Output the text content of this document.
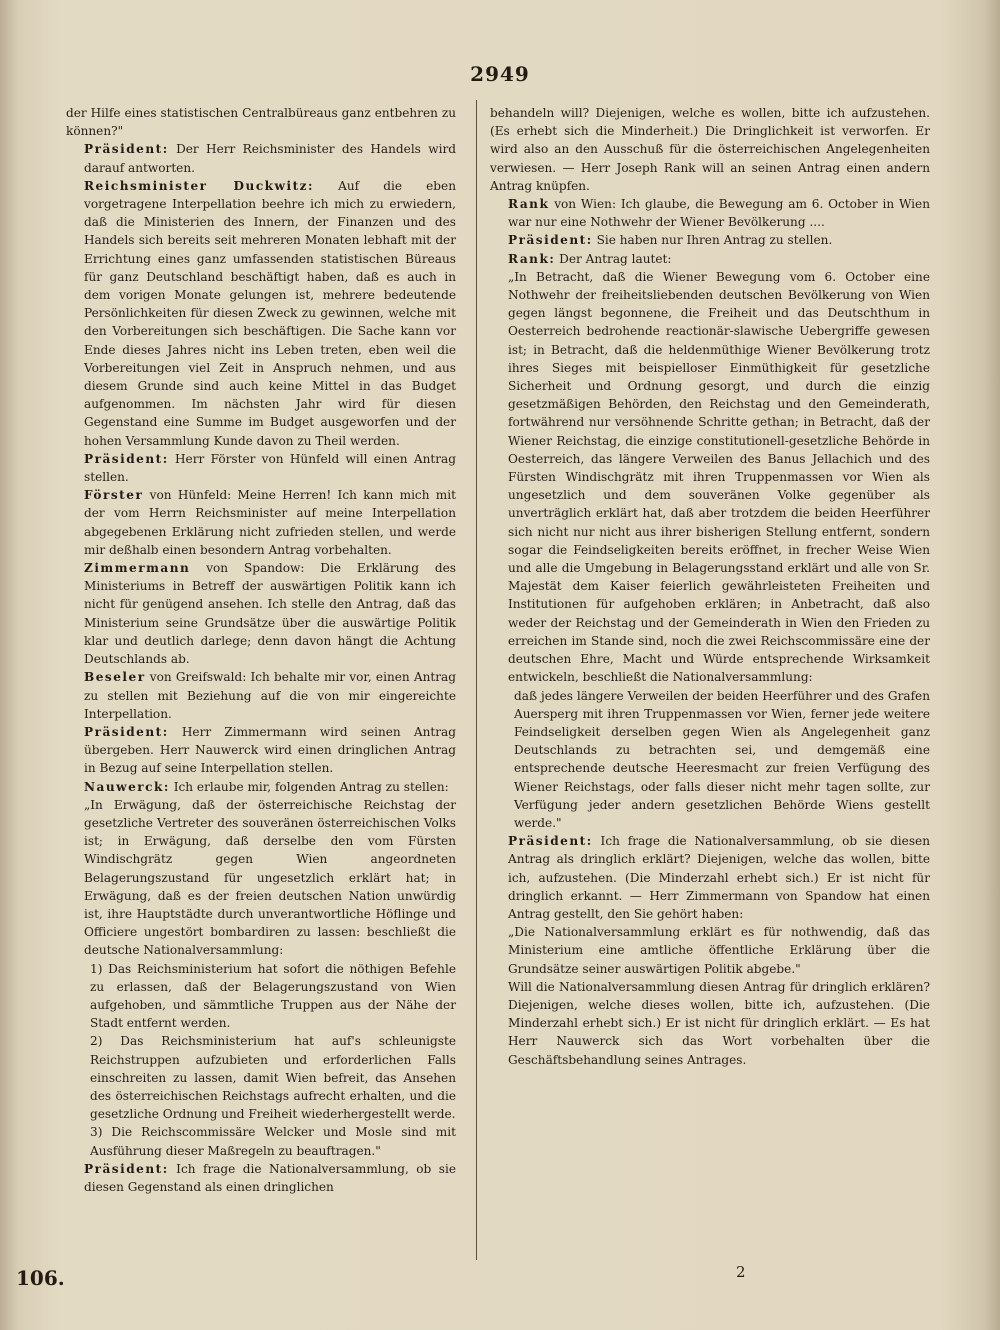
2949

der Hilfe eines statistischen Centralbüreaus ganz entbehren zu können?"

Präsident: Der Herr Reichsminister des Handels wird darauf antworten.

Reichsminister Duckwitz: Auf die eben vorgetragene Interpellation beehre ich mich zu erwiedern, daß die Ministerien des Innern, der Finanzen und des Handels sich bereits seit mehreren Monaten lebhaft mit der Errichtung eines ganz umfassenden statistischen Büreaus für ganz Deutschland beschäftigt haben, daß es auch in dem vorigen Monate gelungen ist, mehrere bedeutende Persönlichkeiten für diesen Zweck zu gewinnen, welche mit den Vorbereitungen sich beschäftigen. Die Sache kann vor Ende dieses Jahres nicht ins Leben treten, eben weil die Vorbereitungen viel Zeit in Anspruch nehmen, und aus diesem Grunde sind auch keine Mittel in das Budget aufgenommen. Im nächsten Jahr wird für diesen Gegenstand eine Summe im Budget ausgeworfen und der hohen Versammlung Kunde davon zu Theil werden.

Präsident: Herr Förster von Hünfeld will einen Antrag stellen.

Förster von Hünfeld: Meine Herren! Ich kann mich mit der vom Herrn Reichsminister auf meine Interpellation abgegebenen Erklärung nicht zufrieden stellen, und werde mir deßhalb einen besondern Antrag vorbehalten.

Zimmermann von Spandow: Die Erklärung des Ministeriums in Betreff der auswärtigen Politik kann ich nicht für genügend ansehen. Ich stelle den Antrag, daß das Ministerium seine Grundsätze über die auswärtige Politik klar und deutlich darlege; denn davon hängt die Achtung Deutschlands ab.

Beseler von Greifswald: Ich behalte mir vor, einen Antrag zu stellen mit Beziehung auf die von mir eingereichte Interpellation.

Präsident: Herr Zimmermann wird seinen Antrag übergeben. Herr Nauwerck wird einen dringlichen Antrag in Bezug auf seine Interpellation stellen.

Nauwerck: Ich erlaube mir, folgenden Antrag zu stellen:

„In Erwägung, daß der österreichische Reichstag der gesetzliche Vertreter des souveränen österreichischen Volks ist; in Erwägung, daß derselbe den vom Fürsten Windischgrätz gegen Wien angeordneten Belagerungszustand für ungesetzlich erklärt hat; in Erwägung, daß es der freien deutschen Nation unwürdig ist, ihre Hauptstädte durch unverantwortliche Höflinge und Officiere ungestört bombardiren zu lassen: beschließt die deutsche Nationalversammlung:

1) Das Reichsministerium hat sofort die nöthigen Befehle zu erlassen, daß der Belagerungszustand von Wien aufgehoben, und sämmtliche Truppen aus der Nähe der Stadt entfernt werden.

2) Das Reichsministerium hat auf's schleunigste Reichstruppen aufzubieten und erforderlichen Falls einschreiten zu lassen, damit Wien befreit, das Ansehen des österreichischen Reichstags aufrecht erhalten, und die gesetzliche Ordnung und Freiheit wiederhergestellt werde.

3) Die Reichscommissäre Welcker und Mosle sind mit Ausführung dieser Maßregeln zu beauftragen."

Präsident: Ich frage die Nationalversammlung, ob sie diesen Gegenstand als einen dringlichen

behandeln will? Diejenigen, welche es wollen, bitte ich aufzustehen. (Es erhebt sich die Minderheit.) Die Dringlichkeit ist verworfen. Er wird also an den Ausschuß für die österreichischen Angelegenheiten verwiesen. — Herr Joseph Rank will an seinen Antrag einen andern Antrag knüpfen.

Rank von Wien: Ich glaube, die Bewegung am 6. October in Wien war nur eine Nothwehr der Wiener Bevölkerung ....

Präsident: Sie haben nur Ihren Antrag zu stellen.

Rank: Der Antrag lautet:

„In Betracht, daß die Wiener Bewegung vom 6. October eine Nothwehr der freiheitsliebenden deutschen Bevölkerung von Wien gegen längst begonnene, die Freiheit und das Deutschthum in Oesterreich bedrohende reactionär-slawische Uebergriffe gewesen ist; in Betracht, daß die heldenmüthige Wiener Bevölkerung trotz ihres Sieges mit beispielloser Einmüthigkeit für gesetzliche Sicherheit und Ordnung gesorgt, und durch die einzig gesetzmäßigen Behörden, den Reichstag und den Gemeinderath, fortwährend nur versöhnende Schritte gethan; in Betracht, daß der Wiener Reichstag, die einzige constitutionell-gesetzliche Behörde in Oesterreich, das längere Verweilen des Banus Jellachich und des Fürsten Windischgrätz mit ihren Truppenmassen vor Wien als ungesetzlich und dem souveränen Volke gegenüber als unverträglich erklärt hat, daß aber trotzdem die beiden Heerführer sich nicht nur nicht aus ihrer bisherigen Stellung entfernt, sondern sogar die Feindseligkeiten bereits eröffnet, in frecher Weise Wien und alle die Umgebung in Belagerungsstand erklärt und alle von Sr. Majestät dem Kaiser feierlich gewährleisteten Freiheiten und Institutionen für aufgehoben erklären; in Anbetracht, daß also weder der Reichstag und der Gemeinderath in Wien den Frieden zu erreichen im Stande sind, noch die zwei Reichscommissäre eine der deutschen Ehre, Macht und Würde entsprechende Wirksamkeit entwickeln, beschließt die Nationalversammlung:

daß jedes längere Verweilen der beiden Heerführer und des Grafen Auersperg mit ihren Truppenmassen vor Wien, ferner jede weitere Feindseligkeit derselben gegen Wien als Angelegenheit ganz Deutschlands zu betrachten sei, und demgemäß eine entsprechende deutsche Heeresmacht zur freien Verfügung des Wiener Reichstags, oder falls dieser nicht mehr tagen sollte, zur Verfügung jeder andern gesetzlichen Behörde Wiens gestellt werde."

Präsident: Ich frage die Nationalversammlung, ob sie diesen Antrag als dringlich erklärt? Diejenigen, welche das wollen, bitte ich, aufzustehen. (Die Minderzahl erhebt sich.) Er ist nicht für dringlich erkannt. — Herr Zimmermann von Spandow hat einen Antrag gestellt, den Sie gehört haben:

„Die Nationalversammlung erklärt es für nothwendig, daß das Ministerium eine amtliche öffentliche Erklärung über die Grundsätze seiner auswärtigen Politik abgebe."

Will die Nationalversammlung diesen Antrag für dringlich erklären? Diejenigen, welche dieses wollen, bitte ich, aufzustehen. (Die Minderzahl erhebt sich.) Er ist nicht für dringlich erklärt. — Es hat Herr Nauwerck sich das Wort vorbehalten über die Geschäftsbehandlung seines Antrages.

106.	2
